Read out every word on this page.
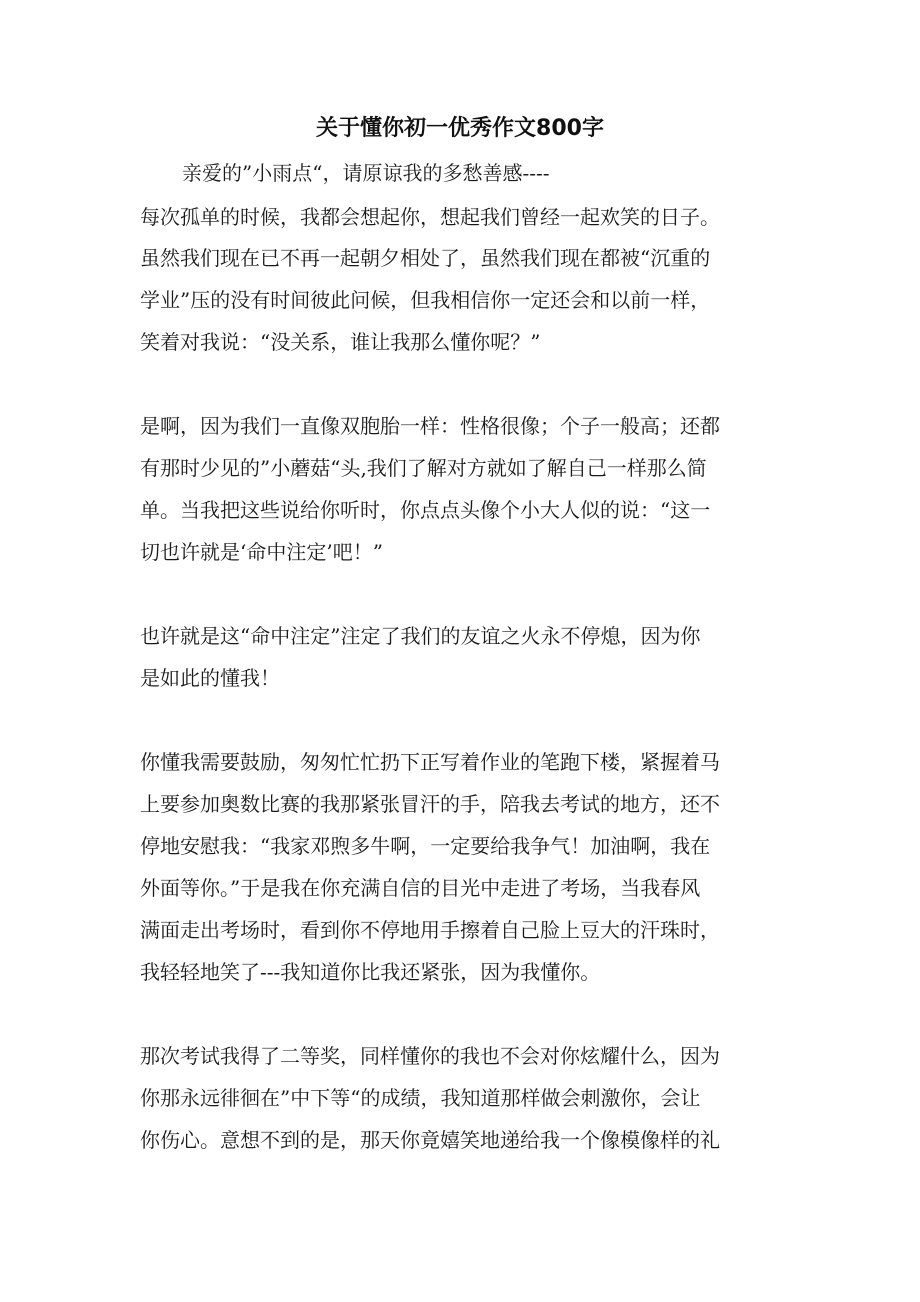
关于懂你初一优秀作文800字
亲爱的”小雨点“，请原谅我的多愁善感----
每次孤单的时候，我都会想起你，想起我们曾经一起欢笑的日子。
虽然我们现在已不再一起朝夕相处了，虽然我们现在都被“沉重的
学业”压的没有时间彼此问候，但我相信你一定还会和以前一样，
笑着对我说：“没关系，谁让我那么懂你呢？”
是啊，因为我们一直像双胞胎一样：性格很像；个子一般高；还都
有那时少见的”小蘑菇“头,我们了解对方就如了解自己一样那么简
单。当我把这些说给你听时，你点点头像个小大人似的说：“这一
切也许就是‘命中注定’吧！”
也许就是这“命中注定”注定了我们的友谊之火永不停熄，因为你
是如此的懂我！
你懂我需要鼓励，匆匆忙忙扔下正写着作业的笔跑下楼，紧握着马
上要参加奥数比赛的我那紧张冒汗的手，陪我去考试的地方，还不
停地安慰我：“我家邓煦多牛啊，一定要给我争气！加油啊，我在
外面等你。”于是我在你充满自信的目光中走进了考场，当我春风
满面走出考场时，看到你不停地用手擦着自己脸上豆大的汗珠时，
我轻轻地笑了---我知道你比我还紧张，因为我懂你。
那次考试我得了二等奖，同样懂你的我也不会对你炫耀什么，因为
你那永远徘徊在”中下等“的成绩，我知道那样做会刺激你，会让
你伤心。意想不到的是，那天你竟嬉笑地递给我一个像模像样的礼
